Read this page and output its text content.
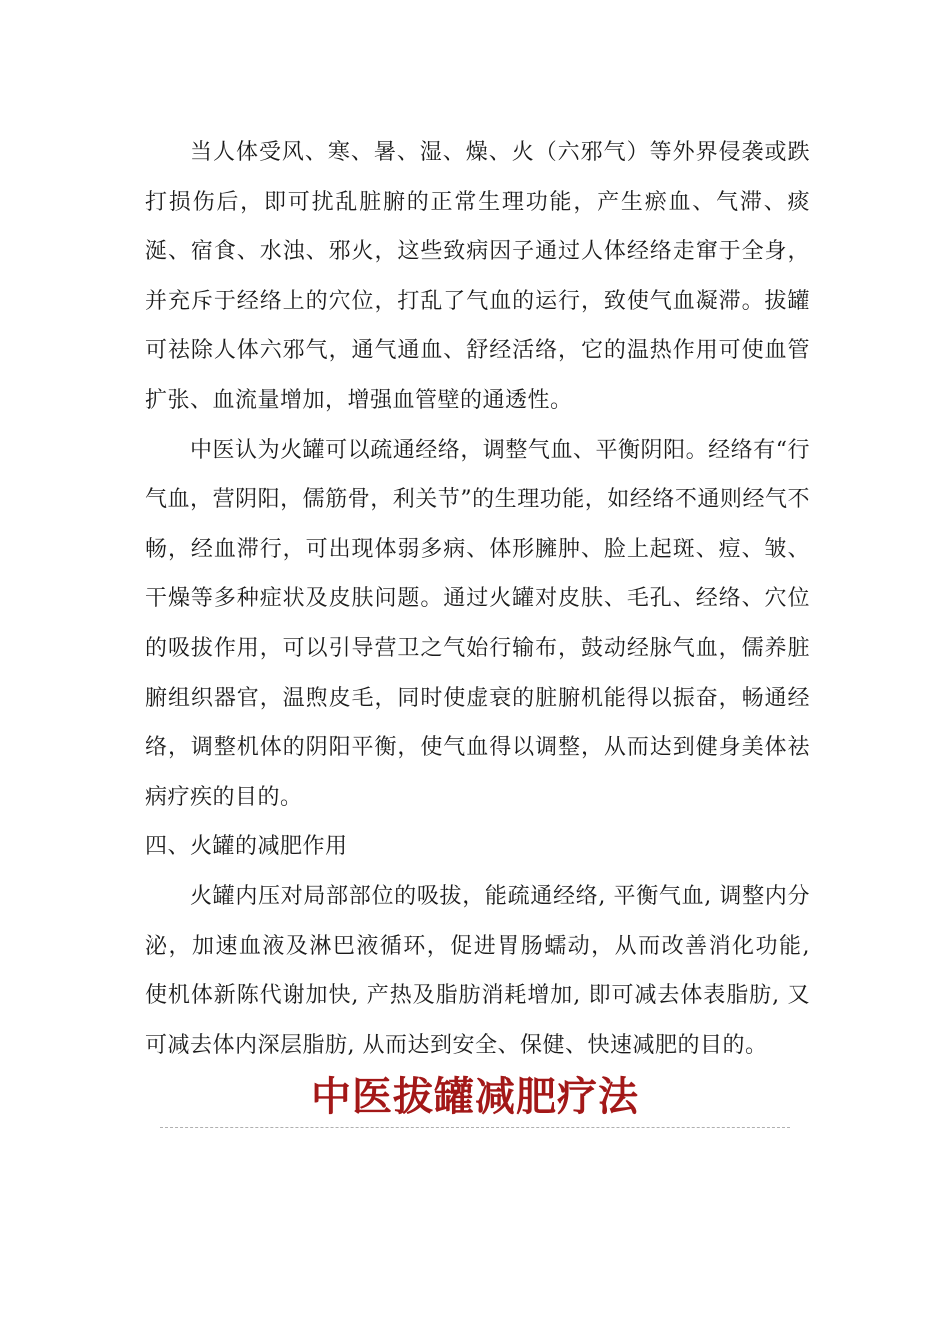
当人体受风、寒、暑、湿、燥、火（六邪气）等外界侵袭或跌打损伤后，即可扰乱脏腑的正常生理功能，产生瘀血、气滞、痰涎、宿食、水浊、邪火，这些致病因子通过人体经络走窜于全身，并充斥于经络上的穴位，打乱了气血的运行，致使气血凝滞。拔罐可祛除人体六邪气，通气通血、舒经活络，它的温热作用可使血管扩张、血流量增加，增强血管壁的通透性。

中医认为火罐可以疏通经络，调整气血、平衡阴阳。经络有“行气血，营阴阳，儒筋骨，利关节”的生理功能，如经络不通则经气不畅，经血滞行，可出现体弱多病、体形臃肿、脸上起斑、痘、皱、干燥等多种症状及皮肤问题。通过火罐对皮肤、毛孔、经络、穴位的吸拔作用，可以引导营卫之气始行输布，鼓动经脉气血，儒养脏腑组织器官，温煦皮毛，同时使虚衰的脏腑机能得以振奋，畅通经络，调整机体的阴阳平衡，使气血得以调整，从而达到健身美体祛病疗疾的目的。

四、火罐的减肥作用

火罐内压对局部部位的吸拔，能疏通经络, 平衡气血, 调整内分泌，加速血液及淋巴液循环，促进胃肠蠕动，从而改善消化功能, 使机体新陈代谢加快, 产热及脂肪消耗增加, 即可减去体表脂肪, 又可减去体内深层脂肪, 从而达到安全、保健、快速减肥的目的。

中医拔罐减肥疗法
